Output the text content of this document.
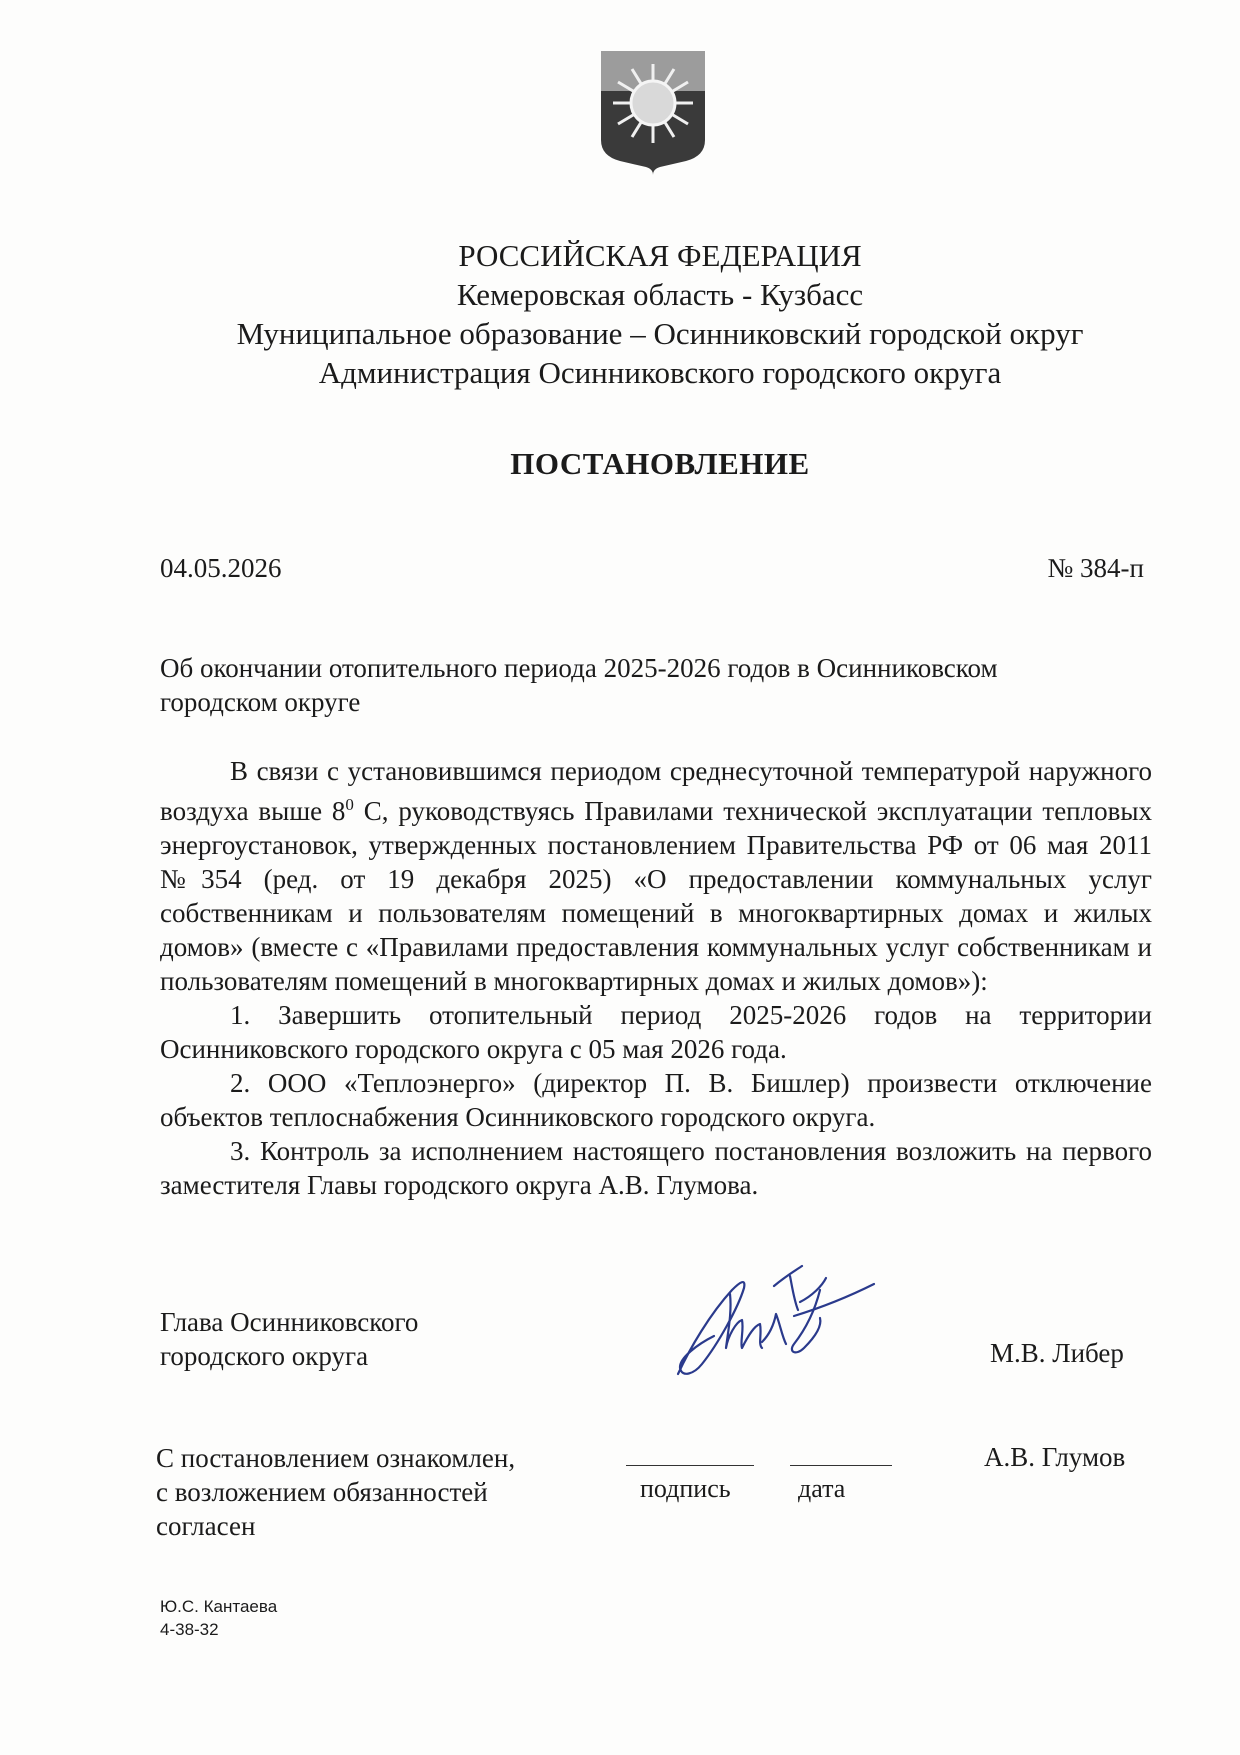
РОССИЙСКАЯ ФЕДЕРАЦИЯ
Кемеровская область - Кузбасс
Муниципальное образование – Осинниковский городской округ
Администрация Осинниковского городского округа
ПОСТАНОВЛЕНИЕ
04.05.2026	№ 384-п
Об окончании отопительного периода 2025-2026 годов в Осинниковском
городском округе

В связи с установившимся периодом среднесуточной температурой наружного воздуха выше $8^0$ С, руководствуясь Правилами технической эксплуатации тепловых энергоустановок, утвержденных постановлением Правительства РФ от 06 мая 2011 №354 (ред. от 19 декабря 2025) «О предоставлении коммунальных услуг собственникам и пользователям помещений в многоквартирных домах и жилых домов» (вместе с «Правилами предоставления коммунальных услуг собственникам и пользователям помещений в многоквартирных домах и жилых домов»):

1. Завершить отопительный период 2025-2026 годов на территории Осинниковского городского округа с 05 мая 2026 года.

2. ООО «Теплоэнерго» (директор П. В. Бишлер) произвести отключение объектов теплоснабжения Осинниковского городского округа.

3. Контроль за исполнением настоящего постановления возложить на первого заместителя Главы городского округа А.В. Глумова.

Глава Осинниковского
городского округа	М.В. Либер
С постановлением ознакомлен,
с возложением обязанностей
согласен
подпись	дата
А.В. Глумов
Ю.С. Кантаева
4-38-32
